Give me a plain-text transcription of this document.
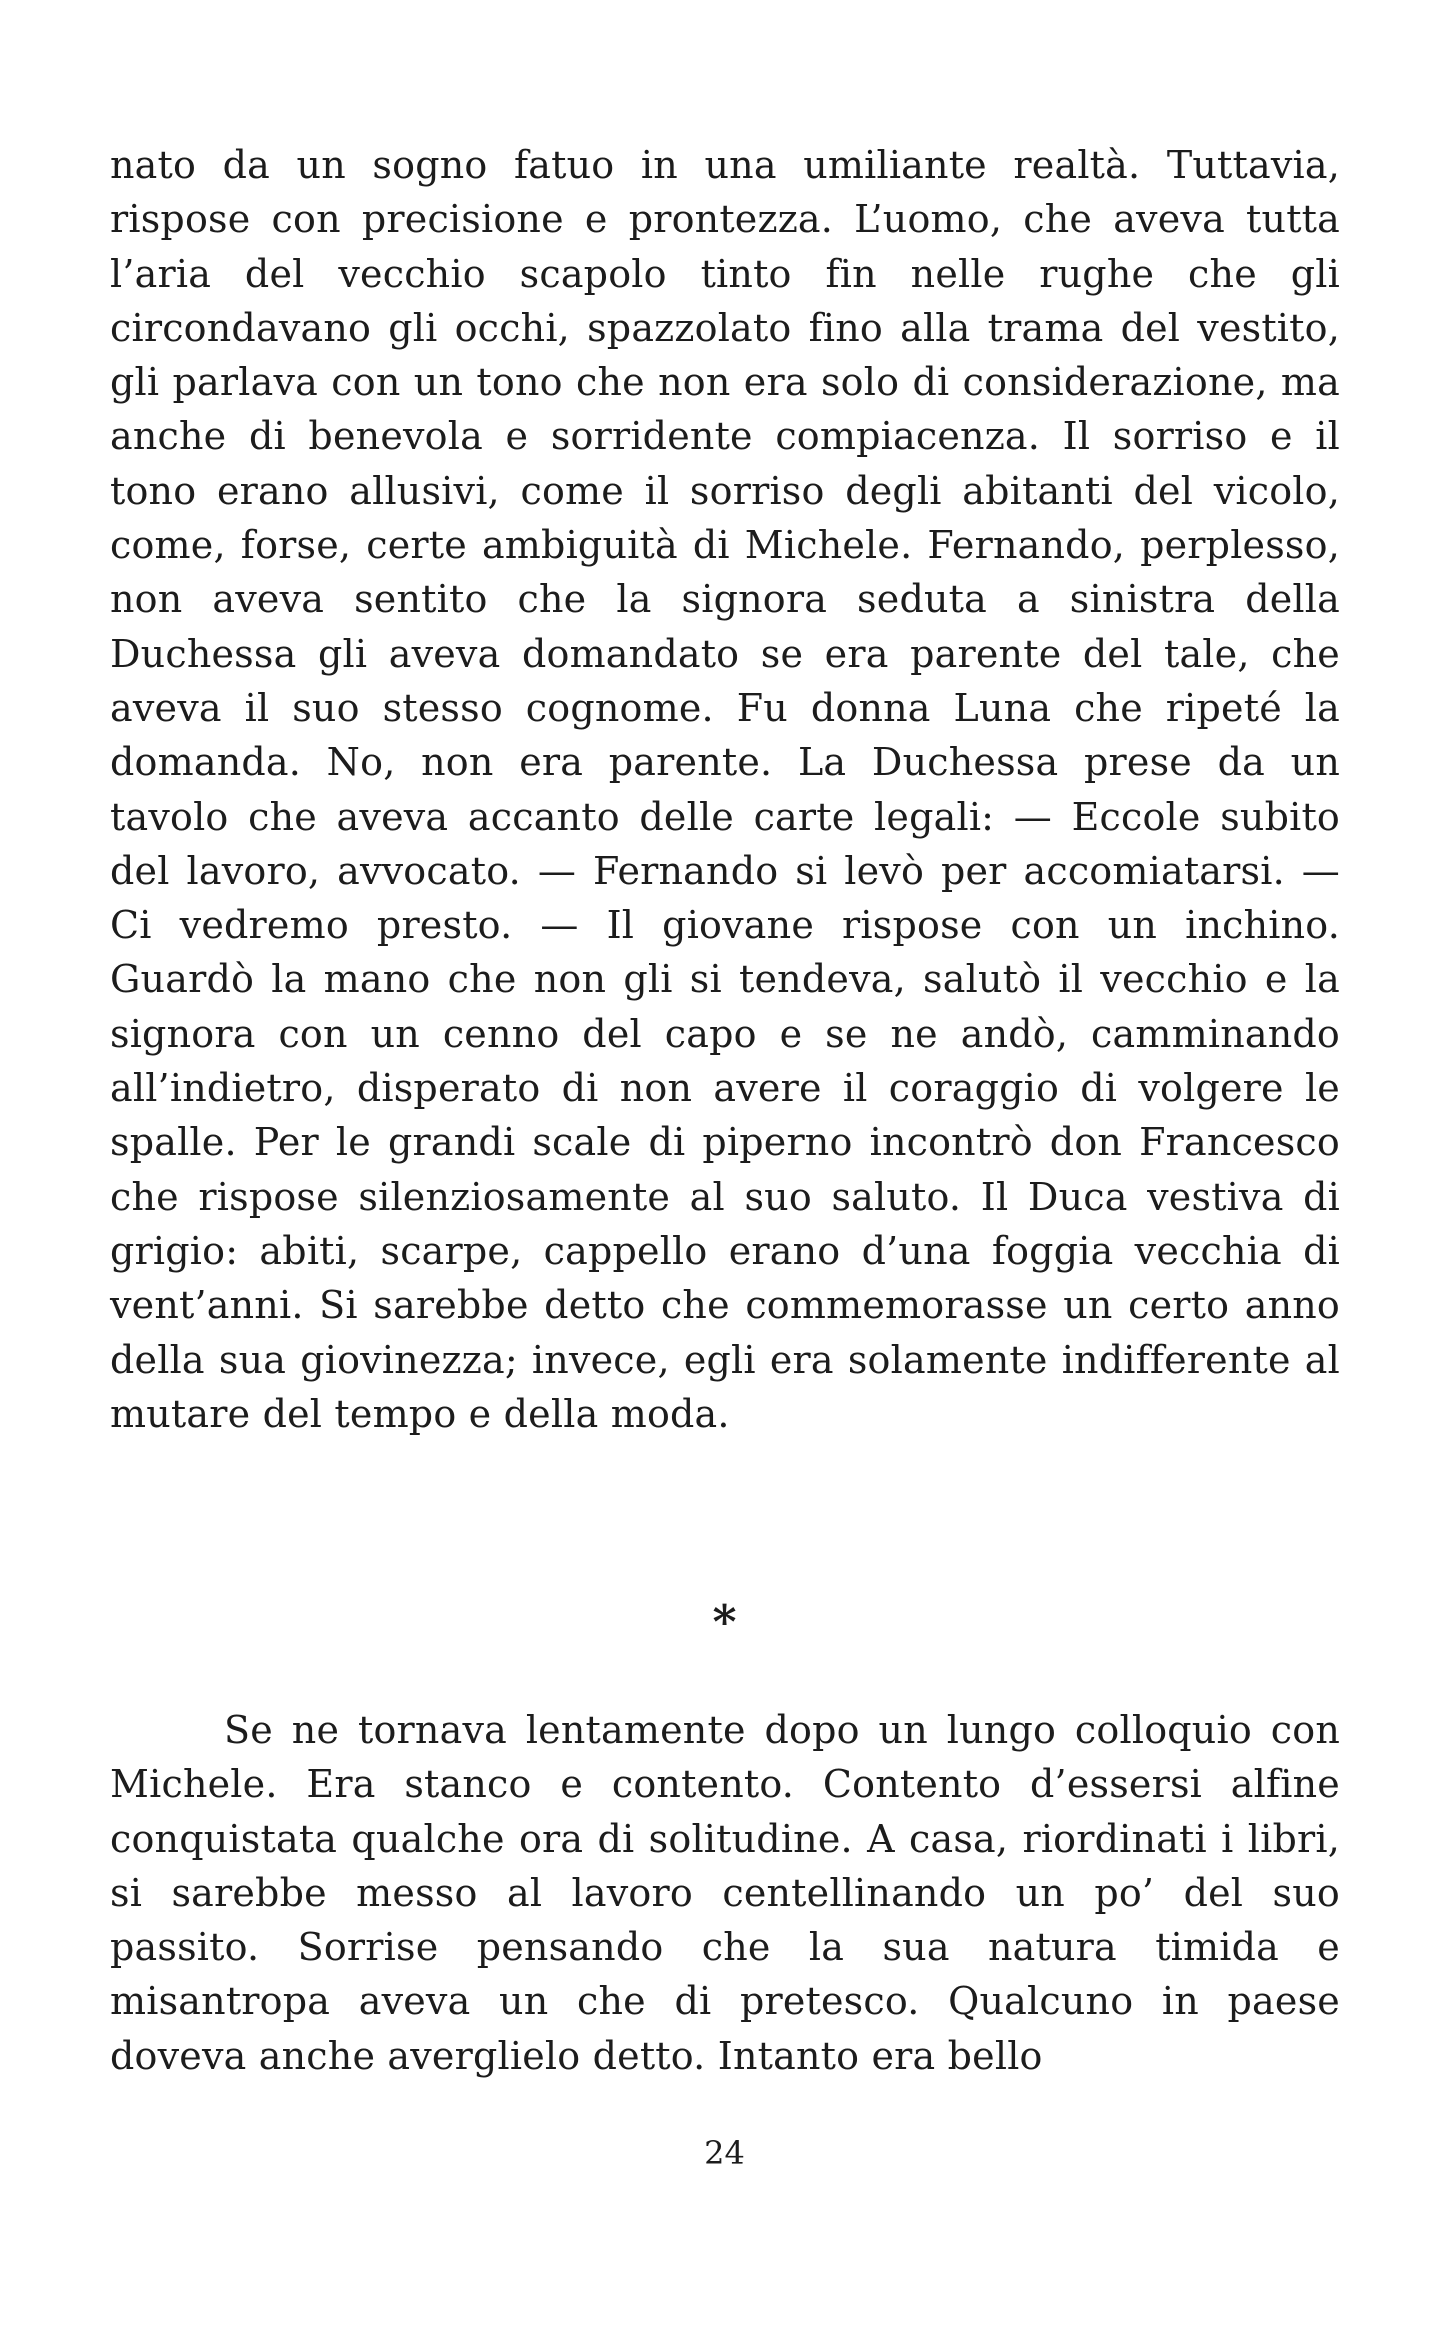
nato da un sogno fatuo in una umiliante realtà. Tuttavia, rispose con precisione e prontezza. L’uomo, che aveva tutta l’aria del vecchio scapolo tinto fin nelle rughe che gli circondavano gli occhi, spazzolato fino alla trama del vestito, gli parlava con un tono che non era solo di considerazione, ma anche di benevola e sorridente compiacenza. Il sorriso e il tono erano allusivi, come il sorriso degli abitanti del vicolo, come, forse, certe ambiguità di Michele. Fernando, perplesso, non aveva sentito che la signora seduta a sinistra della Duchessa gli aveva domandato se era parente del tale, che aveva il suo stesso cognome. Fu donna Luna che ripeté la domanda. No, non era parente. La Duchessa prese da un tavolo che aveva accanto delle carte legali: — Eccole subito del lavoro, avvocato. — Fernando si levò per accomiatarsi. — Ci vedremo presto. — Il giovane rispose con un inchino. Guardò la mano che non gli si tendeva, salutò il vecchio e la signora con un cenno del capo e se ne andò, camminando all’indietro, disperato di non avere il coraggio di volgere le spalle. Per le grandi scale di piperno incontrò don Francesco che rispose silenziosamente al suo saluto. Il Duca vestiva di grigio: abiti, scarpe, cappello erano d’una foggia vecchia di vent’anni. Si sarebbe detto che commemorasse un certo anno della sua giovinezza; invece, egli era solamente indifferente al mutare del tempo e della moda.

*

Se ne tornava lentamente dopo un lungo colloquio con Michele. Era stanco e contento. Contento d’essersi alfine conquistata qualche ora di solitudine. A casa, riordinati i libri, si sarebbe messo al lavoro centellinando un po’ del suo passito. Sorrise pensando che la sua natura timida e misantropa aveva un che di pretesco. Qualcuno in paese doveva anche averglielo detto. Intanto era bello

24
